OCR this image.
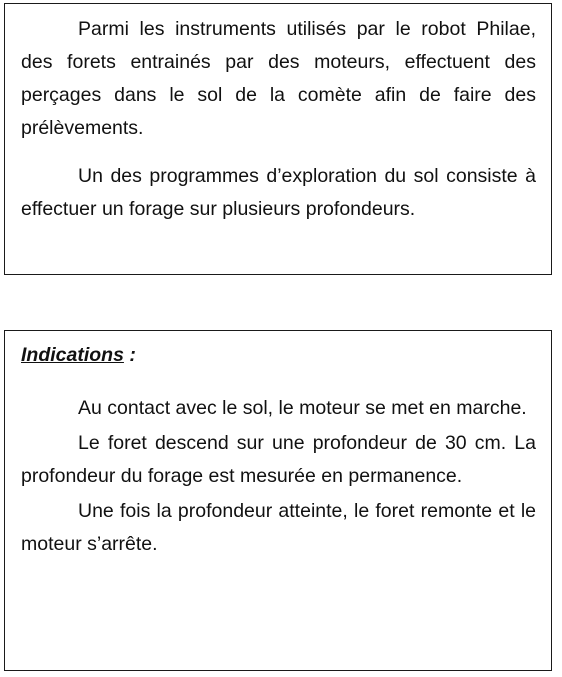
Parmi les instruments utilisés par le robot Philae, des forets entrainés par des moteurs, effectuent des perçages dans le sol de la comète afin de faire des prélèvements.

Un des programmes d’exploration du sol consiste à effectuer un forage sur plusieurs profondeurs.

Indications :

Au contact avec le sol, le moteur se met en marche.

Le foret descend sur une profondeur de 30 cm. La profondeur du forage est mesurée en permanence.

Une fois la profondeur atteinte, le foret remonte et le moteur s’arrête.
